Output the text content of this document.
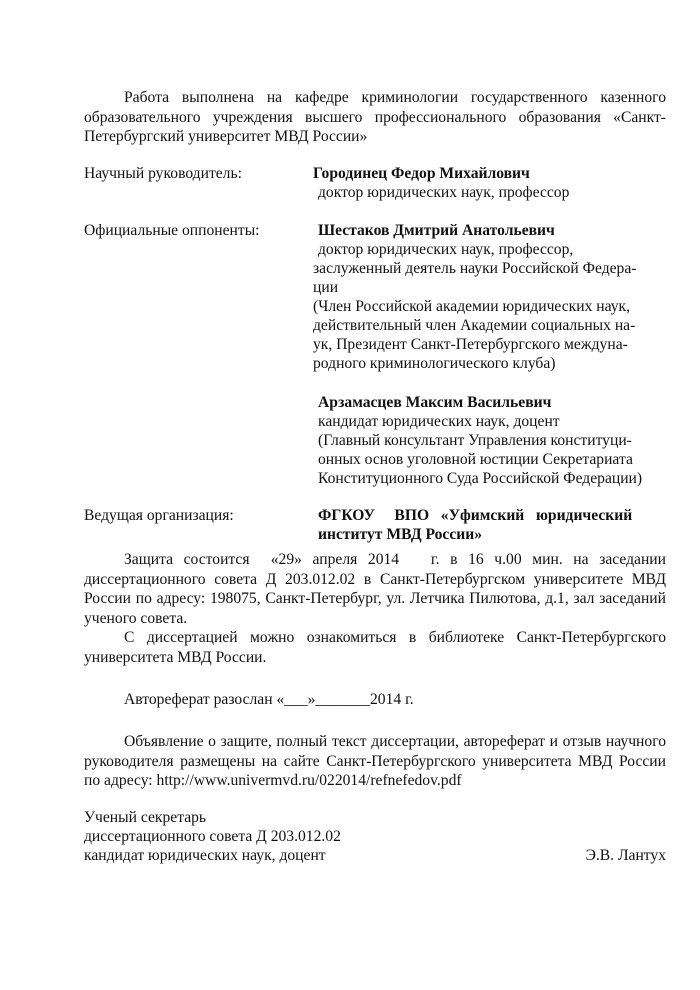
Работа выполнена на кафедре криминологии государственного казенного образовательного учреждения высшего профессионального образования «Санкт-Петербургский университет МВД России»
Научный руководитель:	Городинец Федор Михайлович
доктор юридических наук, профессор
Официальные оппоненты:	Шестаков Дмитрий Анатольевич
доктор юридических наук, профессор,
заслуженный деятель науки Российской Федера-
ции
(Член Российской академии юридических наук,
действительный член Академии социальных на-
ук, Президент Санкт-Петербургского междуна-
родного криминологического клуба)
Арзамасцев Максим Васильевич
кандидат юридических наук, доцент
(Главный консультант Управления конституци-
онных основ уголовной юстиции Секретариата
Конституционного Суда Российской Федерации)
Ведущая организация:	ФГКОУ     ВПО   «Уфимский   юридический
институт МВД России»
Защита состоится  «29» апреля 2014   г. в 16 ч.00 мин. на заседании диссертационного совета Д 203.012.02 в Санкт-Петербургском университете МВД России по адресу: 198075, Санкт-Петербург, ул. Летчика Пилютова, д.1, зал заседаний ученого совета.
С диссертацией можно ознакомиться в библиотеке Санкт-Петербургского университета МВД России.
Автореферат разослан «___»_______2014 г.
Объявление о защите, полный текст диссертации, автореферат и отзыв научного руководителя размещены на сайте Санкт-Петербургского университета МВД России по адресу: http://www.univermvd.ru/022014/refnefedov.pdf
Ученый секретарь
диссертационного совета Д 203.012.02
кандидат юридических наук, доцент	Э.В. Лантух
